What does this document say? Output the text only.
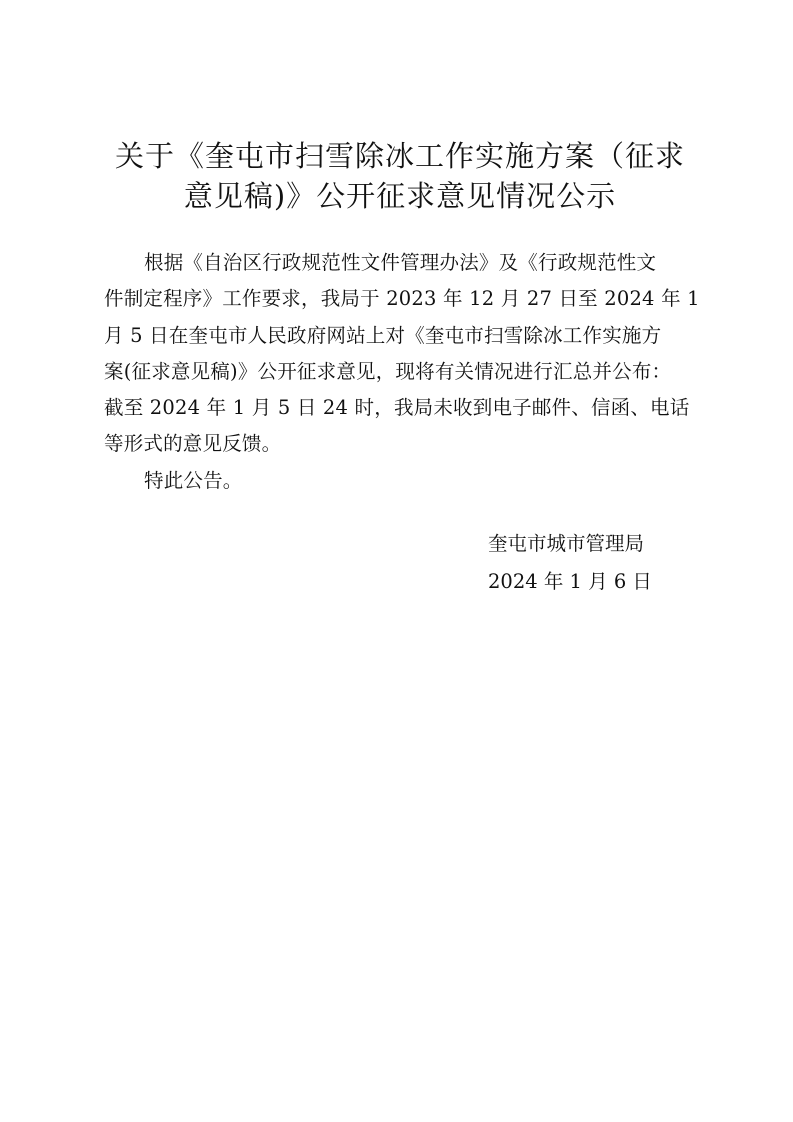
关于《奎屯市扫雪除冰工作实施方案（征求
意见稿)》公开征求意见情况公示

根据《自治区行政规范性文件管理办法》及《行政规范性文
件制定程序》工作要求，我局于 2023 年 12 月 27 日至 2024 年 1
月 5 日在奎屯市人民政府网站上对《奎屯市扫雪除冰工作实施方
案(征求意见稿)》公开征求意见，现将有关情况进行汇总并公布：
截至 2024 年 1 月 5 日 24 时，我局未收到电子邮件、信函、电话
等形式的意见反馈。

特此公告。

奎屯市城市管理局
2024 年 1 月 6 日
